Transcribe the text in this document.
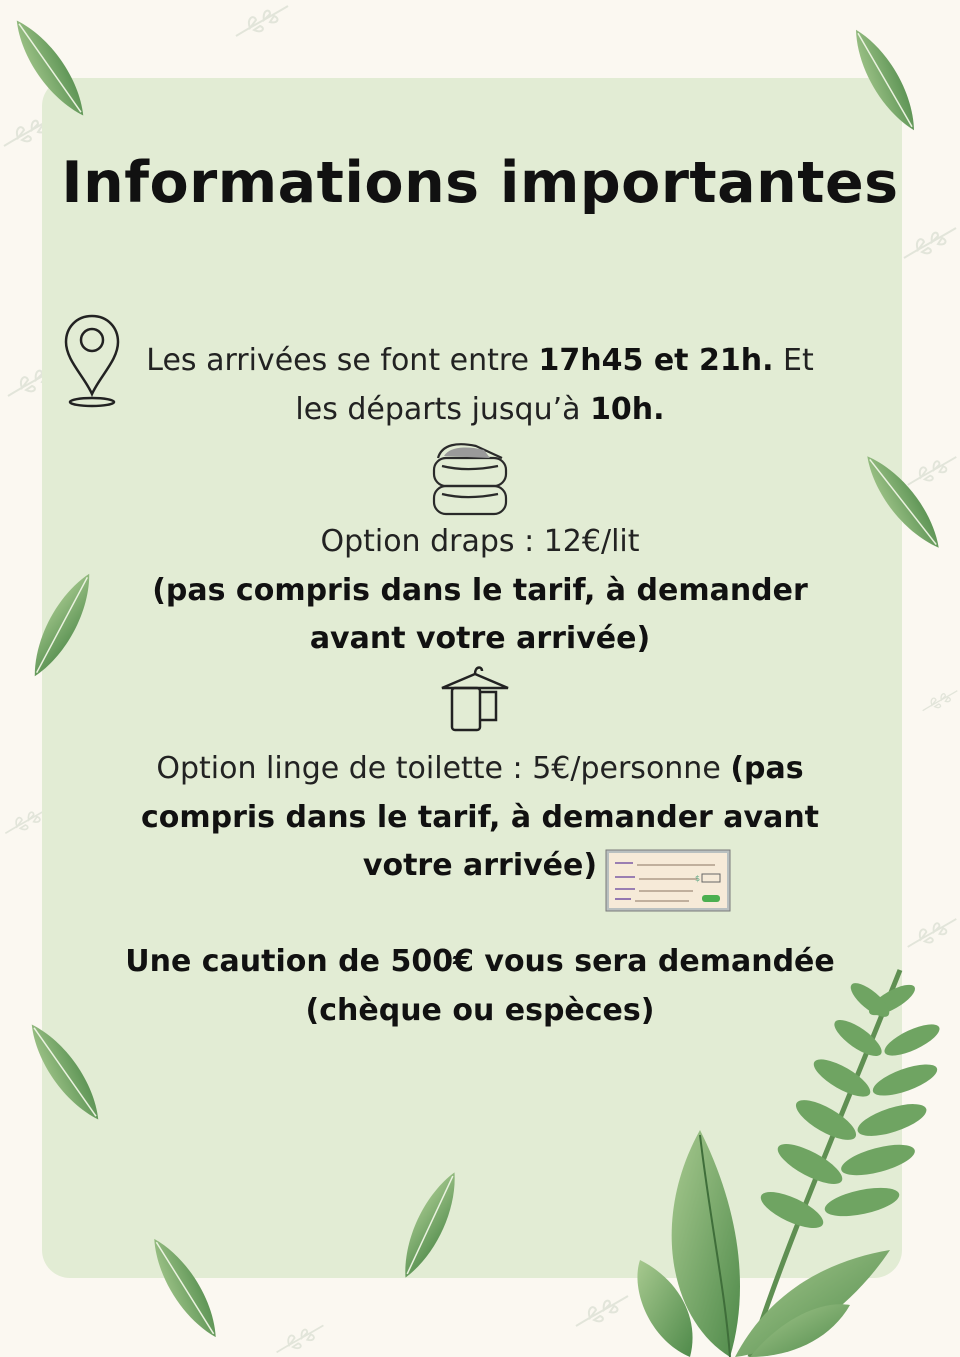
Informations importantes
Les arrivées se font entre 17h45 et 21h. Et
les départs jusqu’à 10h.
Option draps : 12€/lit
(pas compris dans le tarif, à demander
avant votre arrivée)
Option linge de toilette : 5€/personne (pas
compris dans le tarif, à demander avant
votre arrivée)	$
Une caution de 500€ vous sera demandée
(chèque ou espèces)
